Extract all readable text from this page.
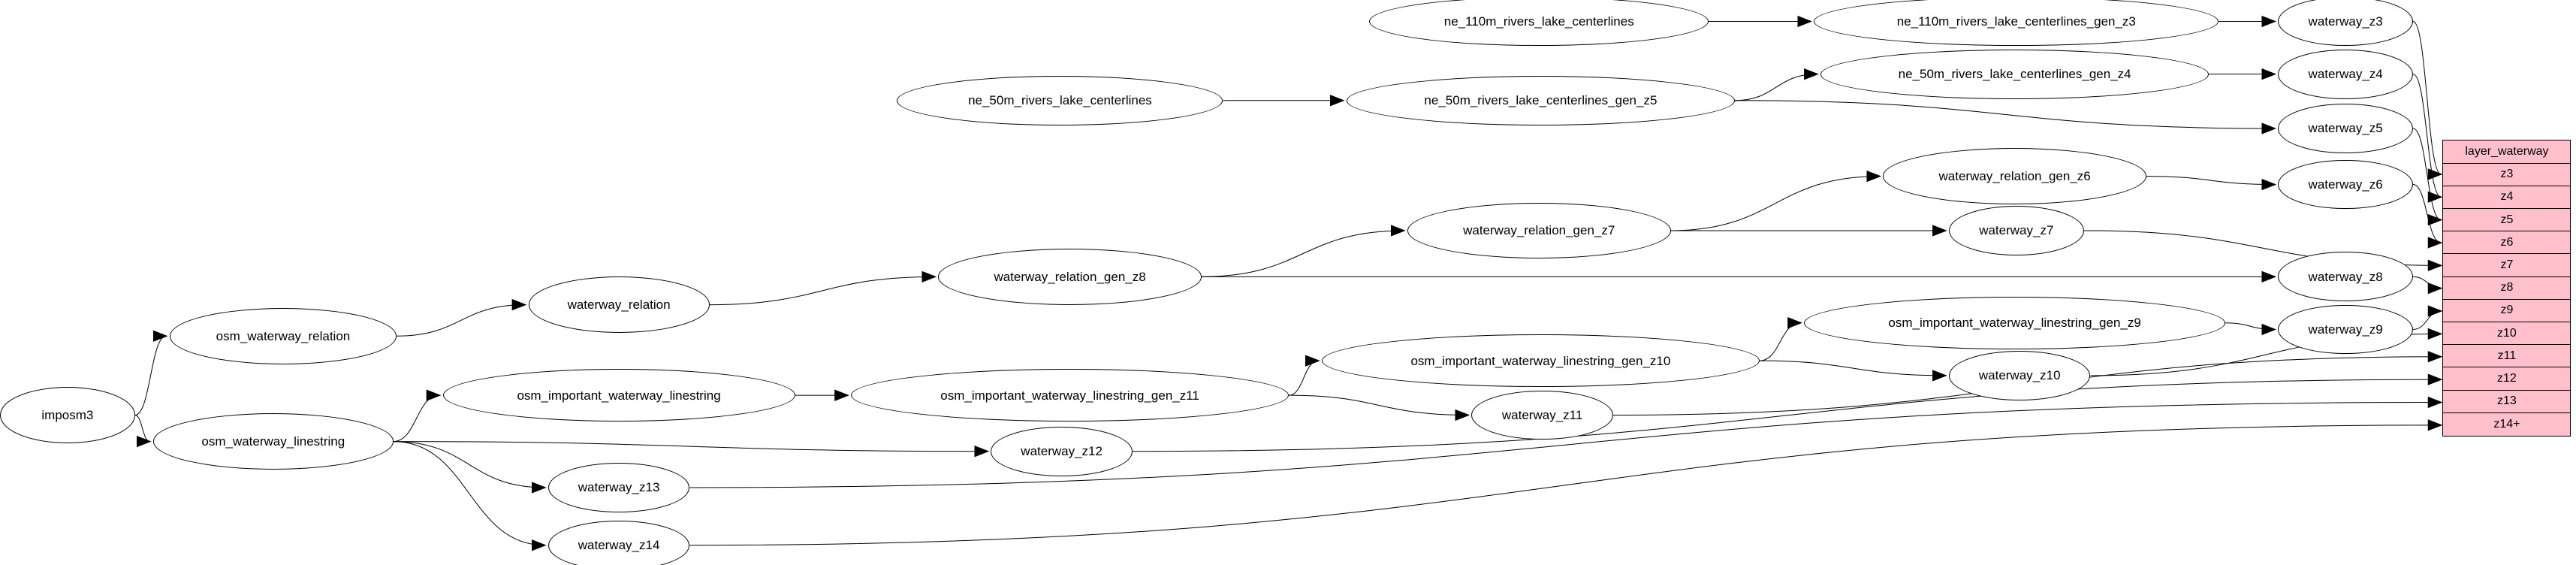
imposm3
osm_waterway_relation
osm_waterway_linestring
waterway_relation
waterway_relation_gen_z8
waterway_relation_gen_z7
waterway_relation_gen_z6
ne_110m_rivers_lake_centerlines	ne_110m_rivers_lake_centerlines_gen_z3
ne_50m_rivers_lake_centerlines	ne_50m_rivers_lake_centerlines_gen_z5
ne_50m_rivers_lake_centerlines_gen_z4
osm_important_waterway_linestring	osm_important_waterway_linestring_gen_z11
osm_important_waterway_linestring_gen_z10
osm_important_waterway_linestring_gen_z9
waterway_z3
waterway_z4
waterway_z5
waterway_z6
waterway_z7
waterway_z8
waterway_z9
waterway_z10
waterway_z11
waterway_z12
waterway_z13
waterway_z14
layer_waterway
z3
z4
z5
z6
z7
z8
z9
z10
z11
z12
z13
z14+
